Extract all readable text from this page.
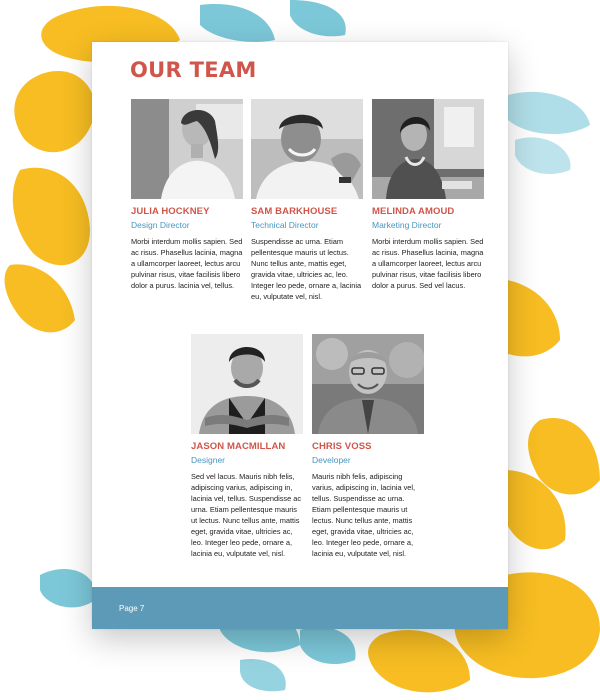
OUR TEAM

JULIA HOCKNEY

Design Director

Morbi interdum mollis sapien. Sed ac risus. Phasellus lacinia, magna a ullamcorper laoreet, lectus arcu pulvinar risus, vitae facilisis libero dolor a purus. lacinia vel, tellus.

SAM BARKHOUSE

Technical Director

Suspendisse ac urna. Etiam pellentesque mauris ut lectus. Nunc tellus ante, mattis eget, gravida vitae, ultricies ac, leo. Integer leo pede, ornare a, lacinia eu, vulputate vel, nisl.

MELINDA AMOUD

Marketing Director

Morbi interdum mollis sapien. Sed ac risus. Phasellus lacinia, magna a ullamcorper laoreet, lectus arcu pulvinar risus, vitae facilisis libero dolor a purus. Sed vel lacus.

JASON MACMILLAN

Designer

Sed vel lacus. Mauris nibh felis, adipiscing varius, adipiscing in, lacinia vel, tellus. Suspendisse ac urna. Etiam pellentesque mauris ut lectus. Nunc tellus ante, mattis eget, gravida vitae, ultricies ac, leo. Integer leo pede, ornare a, lacinia eu, vulputate vel, nisl.

CHRIS VOSS

Developer

Mauris nibh felis, adipiscing varius, adipiscing in, lacinia vel, tellus. Suspendisse ac urna. Etiam pellentesque mauris ut lectus. Nunc tellus ante, mattis eget, gravida vitae, ultricies ac, leo. Integer leo pede, ornare a, lacinia eu, vulputate vel, nisl.

Page 7
